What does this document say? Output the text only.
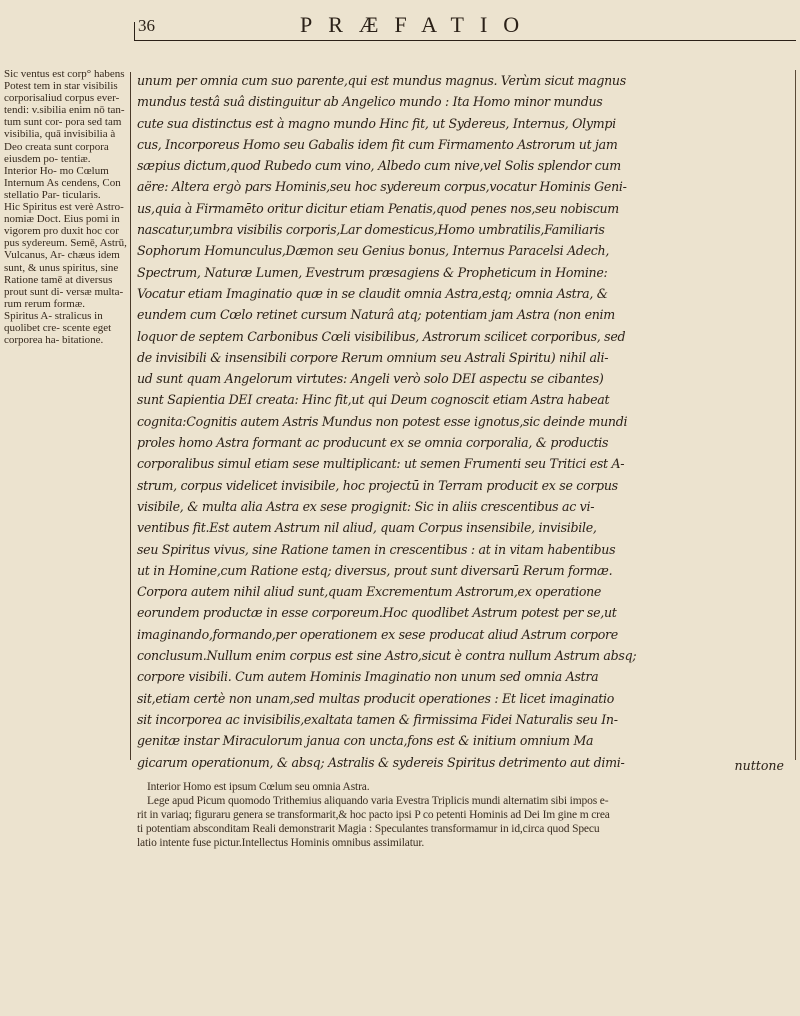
36	PRÆFATIO
Sic ventus est corp° habens Potest tem in star visibilis corporisaliud corpus ever- tendi: v.sibilia enim nō tan- tum sunt cor- pora sed tam visibilia, quā invisibilia à Deo creata sunt corpora eiusdem po- tentiæ.
Interior Ho- mo Cœlum Internum As cendens, Con stellatio Par- ticularis.
Hic Spiritus est verè Astro- nomiæ Doct. Eius pomi in vigorem pro duxit hoc cor pus sydereum. Semē, Astrū, Vulcanus, Ar- chæus idem sunt, & unus spiritus, sine Ratione tamē at diversus prout sunt di- versæ multa- rum rerum formæ.
Spiritus A- stralicus in quolibet cre- scente eget corporea ha- bitatione.
unum per omnia cum suo parente,qui est mundus magnus. Verùm sicut magnus
mundus testâ suâ distinguitur ab Angelico mundo : Ita Homo minor mundus
cute sua distinctus est à magno mundo Hinc fit, ut Sydereus, Internus, Olympi
cus, Incorporeus Homo seu Gabalis idem fit cum Firmamento Astrorum ut jam
sæpius dictum,quod Rubedo cum vino, Albedo cum nive,vel Solis splendor cum
aëre: Altera ergò pars Hominis,seu hoc sydereum corpus,vocatur Hominis Geni-
us,quia à Firmamēto oritur dicitur etiam Penatis,quod penes nos,seu nobiscum
nascatur,umbra visibilis corporis,Lar domesticus,Homo umbratilis,Familiaris
Sophorum Homunculus,Dæmon seu Genius bonus, Internus Paracelsi Adech,
Spectrum, Naturæ Lumen, Evestrum præsagiens & Propheticum in Homine:
Vocatur etiam Imaginatio quæ in se claudit omnia Astra,estq; omnia Astra, &
eundem cum Cœlo retinet cursum Naturâ atq; potentiam jam Astra (non enim
loquor de septem Carbonibus Cœli visibilibus, Astrorum scilicet corporibus, sed
de invisibili & insensibili corpore Rerum omnium seu Astrali Spiritu) nihil ali-
ud sunt quam Angelorum virtutes: Angeli verò solo DEI aspectu se cibantes)
sunt Sapientia DEI creata: Hinc fit,ut qui Deum cognoscit etiam Astra habeat
cognita:Cognitis autem Astris Mundus non potest esse ignotus,sic deinde mundi
proles homo Astra formant ac producunt ex se omnia corporalia, & productis
corporalibus simul etiam sese multiplicant: ut semen Frumenti seu Tritici est A-
strum, corpus videlicet invisibile, hoc projectū in Terram producit ex se corpus
visibile, & multa alia Astra ex sese progignit: Sic in aliis crescentibus ac vi-
ventibus fit.Est autem Astrum nil aliud, quam Corpus insensibile, invisibile,
seu Spiritus vivus, sine Ratione tamen in crescentibus : at in vitam habentibus
ut in Homine,cum Ratione estq; diversus, prout sunt diversarū Rerum formæ.
Corpora autem nihil aliud sunt,quam Excrementum Astrorum,ex operatione
eorundem productæ in esse corporeum.Hoc quodlibet Astrum potest per se,ut
imaginando,formando,per operationem ex sese producat aliud Astrum corpore
conclusum.Nullum enim corpus est sine Astro,sicut è contra nullum Astrum absq;
corpore visibili. Cum autem Hominis Imaginatio non unum sed omnia Astra
sit,etiam certè non unam,sed multas producit operationes : Et licet imaginatio
sit incorporea ac invisibilis,exaltata tamen & firmissima Fidei Naturalis seu In-
genitæ instar Miraculorum janua con uncta,fons est & initium omnium Ma
gicarum operationum, & absq; Astralis & sydereis Spiritus detrimento aut dimi-	nuttone
Interior Homo est ipsum Cœlum seu omnia Astra.
Lege apud Picum quomodo Trithemius aliquando varia Evestra Triplicis mundi alternatim sibi impos e-
rit in variaq; figuraru genera se transformarit,& hoc pacto ipsi P co petenti Hominis ad Dei Im gine m crea
ti potentiam absconditam Reali demonstrarit Magia : Speculantes transformamur in id,circa quod Specu
latio intente fuse pictur.Intellectus Hominis omnibus assimilatur.
